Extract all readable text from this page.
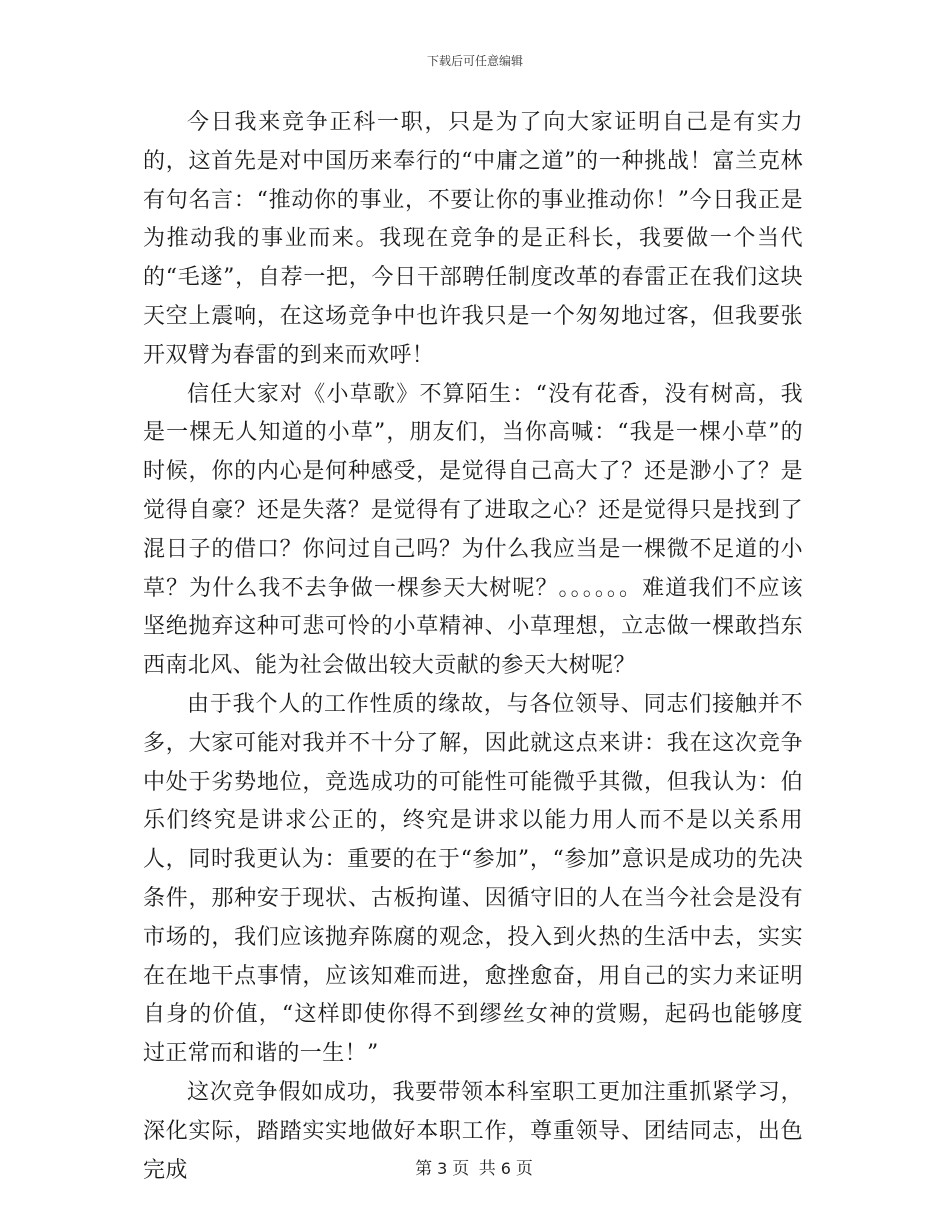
下载后可任意编辑

今日我来竞争正科一职，只是为了向大家证明自己是有实力的，这首先是对中国历来奉行的“中庸之道”的一种挑战！富兰克林有句名言：“推动你的事业，不要让你的事业推动你！”今日我正是为推动我的事业而来。我现在竞争的是正科长，我要做一个当代的“毛遂”，自荐一把，今日干部聘任制度改革的春雷正在我们这块天空上震响，在这场竞争中也许我只是一个匆匆地过客，但我要张开双臂为春雷的到来而欢呼！

信任大家对《小草歌》不算陌生：“没有花香，没有树高，我是一棵无人知道的小草”，朋友们，当你高喊：“我是一棵小草”的时候，你的内心是何种感受，是觉得自己高大了？还是渺小了？是觉得自豪？还是失落？是觉得有了进取之心？还是觉得只是找到了混日子的借口？你问过自己吗？为什么我应当是一棵微不足道的小草？为什么我不去争做一棵参天大树呢？。。。。。。难道我们不应该坚绝抛弃这种可悲可怜的小草精神、小草理想，立志做一棵敢挡东西南北风、能为社会做出较大贡献的参天大树呢？

由于我个人的工作性质的缘故，与各位领导、同志们接触并不多，大家可能对我并不十分了解，因此就这点来讲：我在这次竞争中处于劣势地位，竞选成功的可能性可能微乎其微，但我认为：伯乐们终究是讲求公正的，终究是讲求以能力用人而不是以关系用人，同时我更认为：重要的在于“参加”，“参加”意识是成功的先决条件，那种安于现状、古板拘谨、因循守旧的人在当今社会是没有市场的，我们应该抛弃陈腐的观念，投入到火热的生活中去，实实在在地干点事情，应该知难而进，愈挫愈奋，用自己的实力来证明自身的价值，“这样即使你得不到缪丝女神的赏赐，起码也能够度过正常而和谐的一生！”

这次竞争假如成功，我要带领本科室职工更加注重抓紧学习，深化实际，踏踏实实地做好本职工作，尊重领导、团结同志，出色完成	第 3 页 共 6 页
